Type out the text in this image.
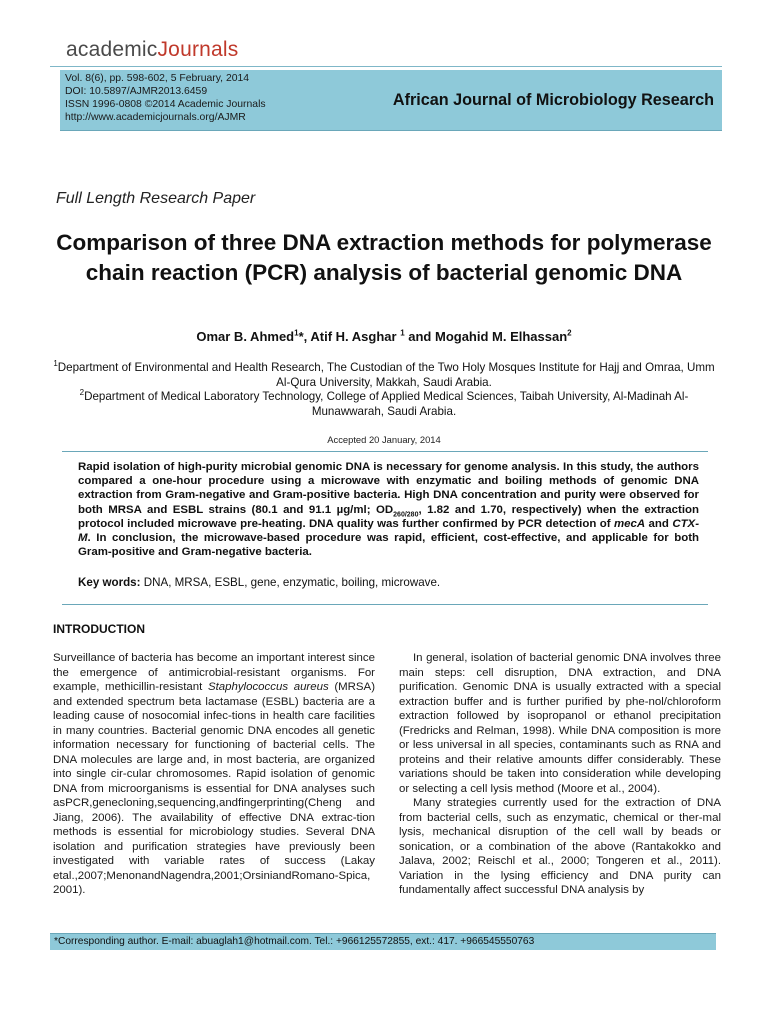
academicJournals
Vol. 8(6), pp. 598-602, 5 February, 2014
DOI: 10.5897/AJMR2013.6459
ISSN 1996-0808 ©2014 Academic Journals
http://www.academicjournals.org/AJMR
African Journal of Microbiology Research
Full Length Research Paper
Comparison of three DNA extraction methods for polymerase chain reaction (PCR) analysis of bacterial genomic DNA
Omar B. Ahmed$^1$*, Atif H. Asghar $^1$ and Mogahid M. Elhassan$^2$
$^1$Department of Environmental and Health Research, The Custodian of the Two Holy Mosques Institute for Hajj and Omraa, Umm Al-Qura University, Makkah, Saudi Arabia.
$^2$Department of Medical Laboratory Technology, College of Applied Medical Sciences, Taibah University, Al-Madinah Al-Munawwarah, Saudi Arabia.
Accepted 20 January, 2014
Rapid isolation of high-purity microbial genomic DNA is necessary for genome analysis. In this study, the authors compared a one-hour procedure using a microwave with enzymatic and boiling methods of genomic DNA extraction from Gram-negative and Gram-positive bacteria. High DNA concentration and purity were observed for both MRSA and ESBL strains (80.1 and 91.1 µg/ml; $OD_{260/280}$, 1.82 and 1.70, respectively) when the extraction protocol included microwave pre-heating. DNA quality was further confirmed by PCR detection of mecA and CTX-M. In conclusion, the microwave-based procedure was rapid, efficient, cost-effective, and applicable for both Gram-positive and Gram-negative bacteria.
Key words: DNA, MRSA, ESBL, gene, enzymatic, boiling, microwave.
INTRODUCTION

Surveillance of bacteria has become an important interest since the emergence of antimicrobial-resistant organisms. For example, methicillin-resistant Staphylococcus aureus (MRSA) and extended spectrum beta lactamase (ESBL) bacteria are a leading cause of nosocomial infec-tions in health care facilities in many countries. Bacterial genomic DNA encodes all genetic information necessary for functioning of bacterial cells. The DNA molecules are large and, in most bacteria, are organized into single cir-cular chromosomes. Rapid isolation of genomic DNA from microorganisms is essential for DNA analyses such asPCR,genecloning,sequencing,andfingerprinting(Cheng and Jiang, 2006). The availability of effective DNA extrac-tion methods is essential for microbiology studies. Several DNA isolation and purification strategies have previously been investigated with variable rates of success (Lakay etal.,2007;MenonandNagendra,2001;OrsiniandRomano-Spica, 2001).

In general, isolation of bacterial genomic DNA involves three main steps: cell disruption, DNA extraction, and DNA purification. Genomic DNA is usually extracted with a special extraction buffer and is further purified by phe-nol/chloroform extraction followed by isopropanol or ethanol precipitation (Fredricks and Relman, 1998). While DNA composition is more or less universal in all species, contaminants such as RNA and proteins and their relative amounts differ considerably. These variations should be taken into consideration while developing or selecting a cell lysis method (Moore et al., 2004).

Many strategies currently used for the extraction of DNA from bacterial cells, such as enzymatic, chemical or ther-mal lysis, mechanical disruption of the cell wall by beads or sonication, or a combination of the above (Rantakokko and Jalava, 2002; Reischl et al., 2000; Tongeren et al., 2011). Variation in the lysing efficiency and DNA purity can fundamentally affect successful DNA analysis by

*Corresponding author. E-mail: abuaglah1@hotmail.com. Tel.: +966125572855, ext.: 417. +966545550763
